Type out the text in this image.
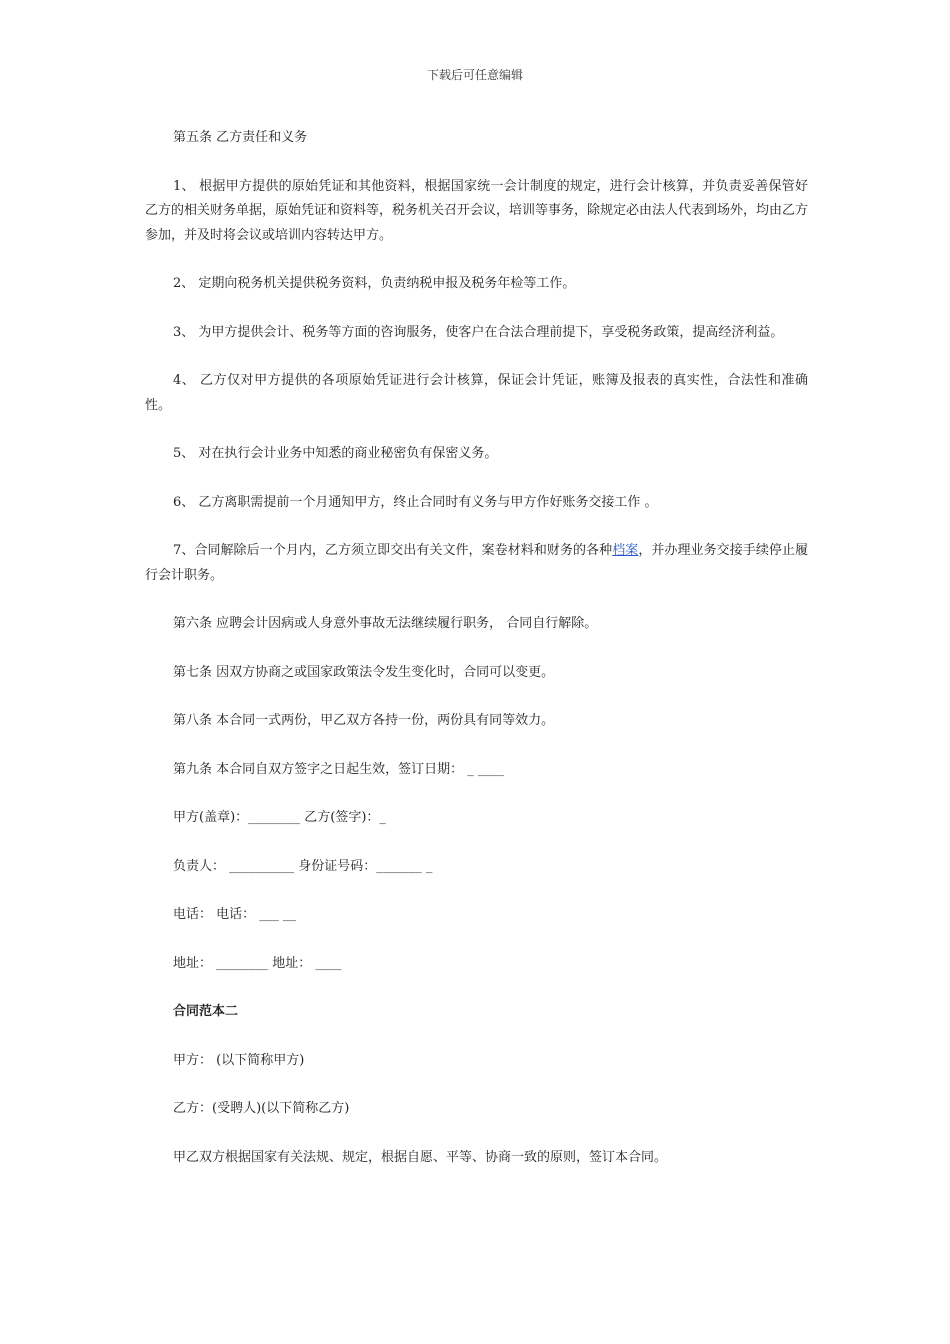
下载后可任意编辑

第五条 乙方责任和义务

1、 根据甲方提供的原始凭证和其他资料，根据国家统一会计制度的规定，进行会计核算，并负责妥善保管好乙方的相关财务单据，原始凭证和资料等，税务机关召开会议，培训等事务，除规定必由法人代表到场外，均由乙方参加，并及时将会议或培训内容转达甲方。

2、 定期向税务机关提供税务资料，负责纳税申报及税务年检等工作。

3、 为甲方提供会计、税务等方面的咨询服务，使客户在合法合理前提下，享受税务政策，提高经济利益。

4、 乙方仅对甲方提供的各项原始凭证进行会计核算，保证会计凭证，账簿及报表的真实性，合法性和准确性。

5、 对在执行会计业务中知悉的商业秘密负有保密义务。

6、 乙方离职需提前一个月通知甲方，终止合同时有义务与甲方作好账务交接工作 。

7、合同解除后一个月内，乙方须立即交出有关文件，案卷材料和财务的各种档案，并办理业务交接手续停止履行会计职务。

第六条 应聘会计因病或人身意外事故无法继续履行职务， 合同自行解除。

第七条 因双方协商之或国家政策法令发生变化时，合同可以变更。

第八条 本合同一式两份，甲乙双方各持一份，两份具有同等效力。

第九条 本合同自双方签字之日起生效，签订日期： _ ____

甲方(盖章)：________ 乙方(签字)：_

负责人： __________ 身份证号码：_______ _

电话： 电话： ___ __

地址： ________ 地址： ____

合同范本二

甲方： (以下简称甲方)

乙方：(受聘人)(以下简称乙方)

甲乙双方根据国家有关法规、规定，根据自愿、平等、协商一致的原则，签订本合同。
